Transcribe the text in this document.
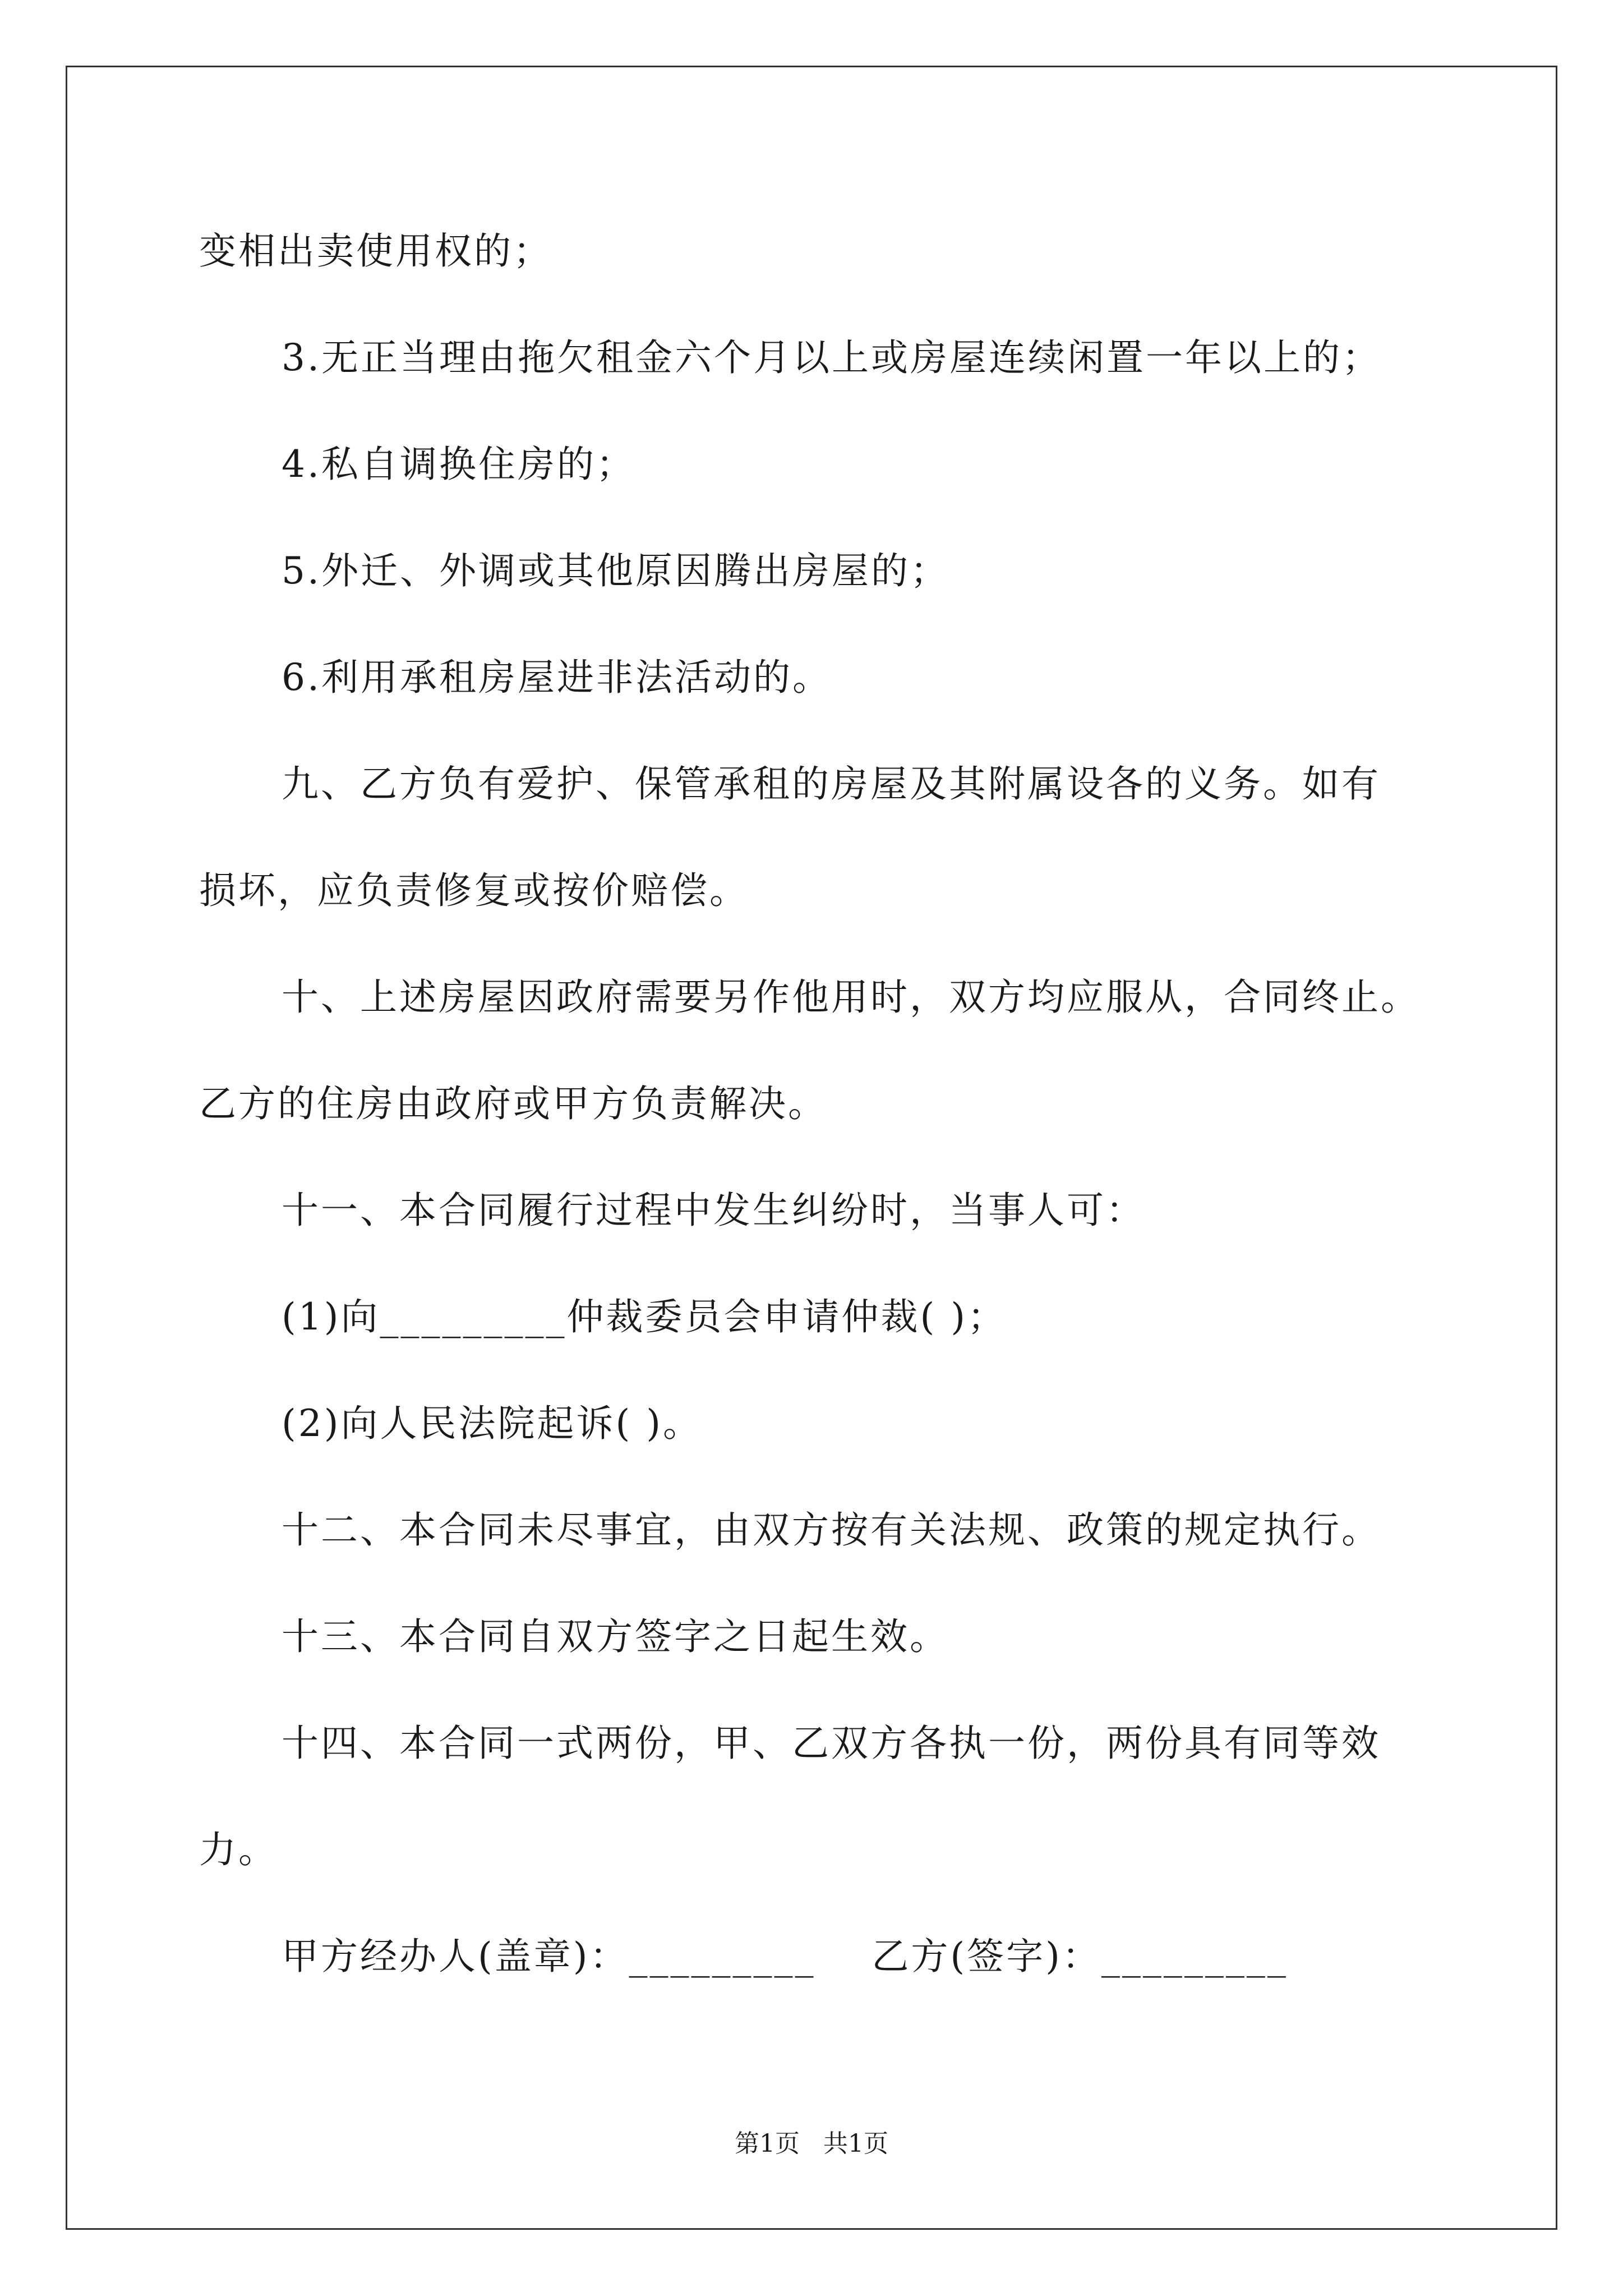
变相出卖使用权的；
3.无正当理由拖欠租金六个月以上或房屋连续闲置一年以上的；
4.私自调换住房的；
5.外迁、外调或其他原因腾出房屋的；
6.利用承租房屋进非法活动的。
九、乙方负有爱护、保管承租的房屋及其附属设各的义务。如有
损坏，应负责修复或按价赔偿。
十、上述房屋因政府需要另作他用时，双方均应服从，合同终止。
乙方的住房由政府或甲方负责解决。
十一、本合同履行过程中发生纠纷时，当事人可：
(1)向_________仲裁委员会申请仲裁( )；
(2)向人民法院起诉( )。
十二、本合同未尽事宜，由双方按有关法规、政策的规定执行。
十三、本合同自双方签字之日起生效。
十四、本合同一式两份，甲、乙双方各执一份，两份具有同等效
力。
甲方经办人(盖章)：_________    乙方(签字)：_________
第1页   共1页
